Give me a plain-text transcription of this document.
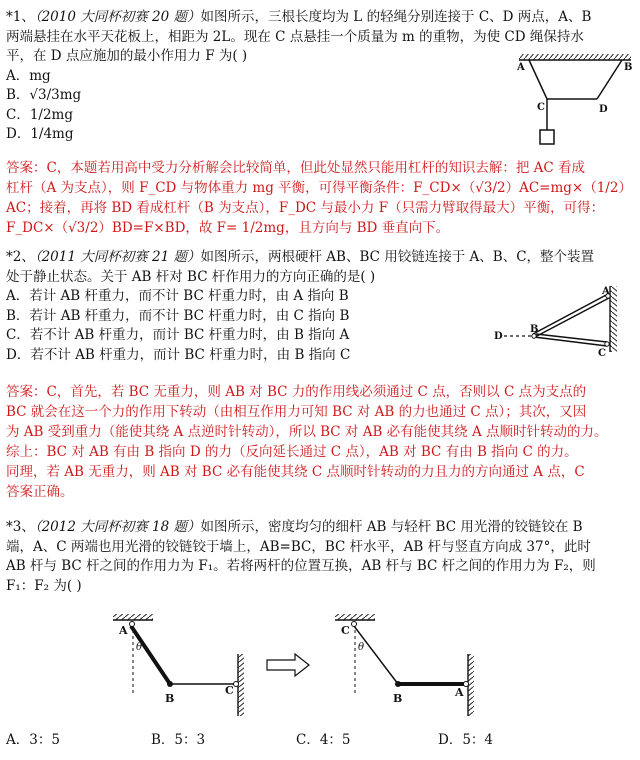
*1、（2010 大同杯初赛 20 题）如图所示，三根长度均为 L 的轻绳分别连接于 C、D 两点，A、B
两端悬挂在水平天花板上，相距为 2L。现在 C 点悬挂一个质量为 m 的重物，为使 CD 绳保持水
平，在 D 点应施加的最小作用力 F 为( )
A．mg
B．√3/3mg
C．1/2mg
D．1/4mg
A	B
C	D
答案：C，本题若用高中受力分析解会比较简单，但此处显然只能用杠杆的知识去解：把 AC 看成
杠杆（A 为支点），则 F_CD 与物体重力 mg 平衡，可得平衡条件：F_CD×（√3/2）AC=mg×（1/2）
AC；接着，再将 BD 看成杠杆（B 为支点），F_DC 与最小力 F（只需力臂取得最大）平衡，可得：
F_DC×（√3/2）BD=F×BD，故 F= 1/2mg，且方向与 BD 垂直向下。
*2、（2011 大同杯初赛 21 题）如图所示，两根硬杆 AB、BC 用铰链连接于 A、B、C，整个装置
处于静止状态。关于 AB 杆对 BC 杆作用力的方向正确的是( )
A．若计 AB 杆重力，而不计 BC 杆重力时，由 A 指向 B
B．若计 AB 杆重力，而不计 BC 杆重力时，由 C 指向 B
C．若不计 AB 杆重力，而计 BC 杆重力时，由 B 指向 A
D．若不计 AB 杆重力，而计 BC 杆重力时，由 B 指向 C
A
B
C
D
答案：C，首先，若 BC 无重力，则 AB 对 BC 力的作用线必须通过 C 点，否则以 C 点为支点的
BC 就会在这一个力的作用下转动（由相互作用力可知 BC 对 AB 的力也通过 C 点）；其次，又因
为 AB 受到重力（能使其绕 A 点逆时针转动），所以 BC 对 AB 必有能使其绕 A 点顺时针转动的力。
综上：BC 对 AB 有由 B 指向 D 的力（反向延长通过 C 点），AB 对 BC 有由 B 指向 C 的力。
同理，若 AB 无重力，则 AB 对 BC 必有能使其绕 C 点顺时针转动的力且力的方向通过 A 点，C
答案正确。
*3、（2012 大同杯初赛 18 题）如图所示，密度均匀的细杆 AB 与轻杆 BC 用光滑的铰链铰在 B
端，A、C 两端也用光滑的铰链铰于墙上，AB=BC，BC 杆水平，AB 杆与竖直方向成 37°，此时
AB 杆与 BC 杆之间的作用力为 F₁。若将两杆的位置互换，AB 杆与 BC 杆之间的作用力为 F₂，则
F₁：F₂ 为( )
A
θ
B
C
C
θ
B	A
A．3：5	B．5：3	C．4：5	D．5：4
